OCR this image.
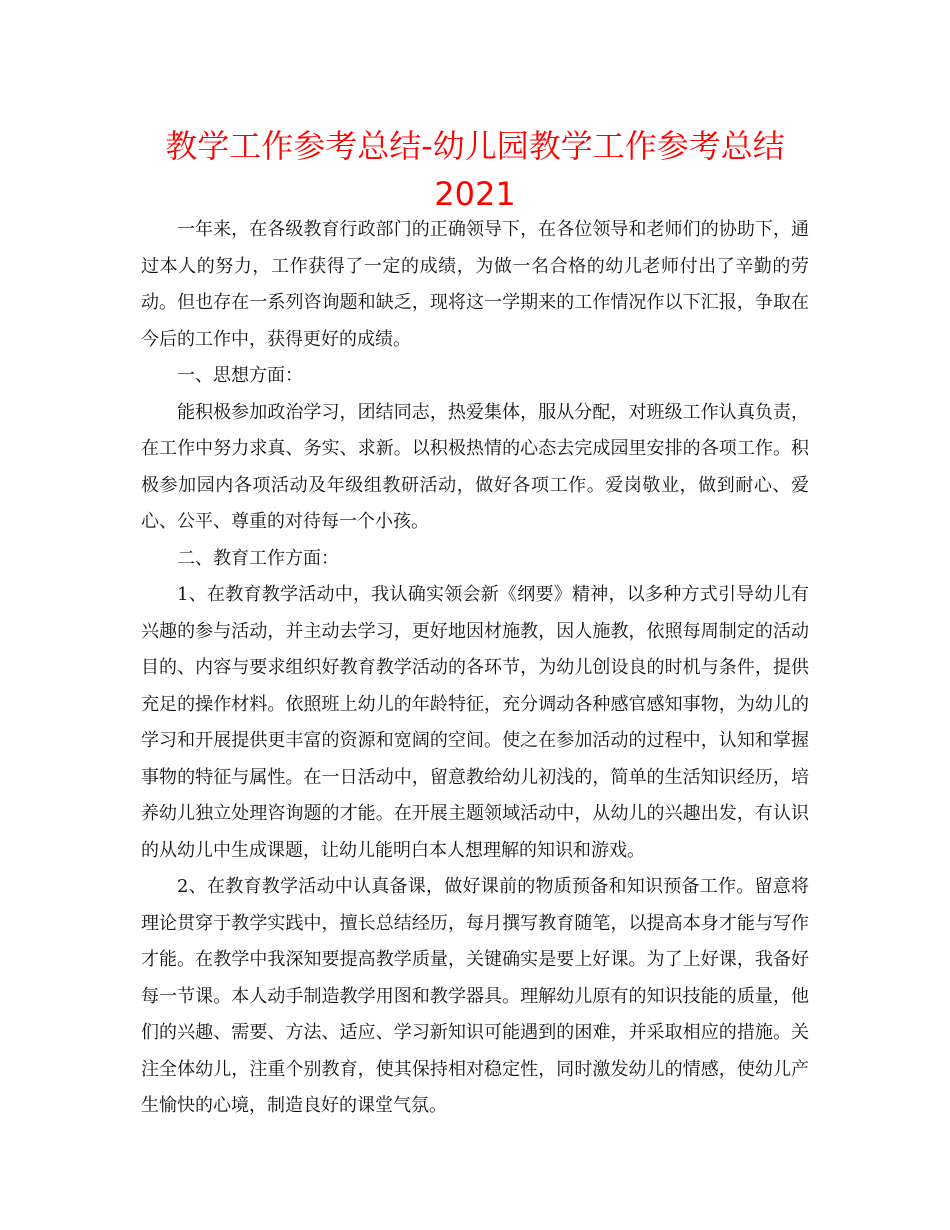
教学工作参考总结-幼儿园教学工作参考总结
2021

一年来，在各级教育行政部门的正确领导下，在各位领导和老师们的协助下，通过本人的努力，工作获得了一定的成绩，为做一名合格的幼儿老师付出了辛勤的劳动。但也存在一系列咨询题和缺乏，现将这一学期来的工作情况作以下汇报，争取在今后的工作中，获得更好的成绩。

一、思想方面：

能积极参加政治学习，团结同志，热爱集体，服从分配，对班级工作认真负责，在工作中努力求真、务实、求新。以积极热情的心态去完成园里安排的各项工作。积极参加园内各项活动及年级组教研活动，做好各项工作。爱岗敬业，做到耐心、爱心、公平、尊重的对待每一个小孩。

二、教育工作方面：

1、在教育教学活动中，我认确实领会新《纲要》精神，以多种方式引导幼儿有兴趣的参与活动，并主动去学习，更好地因材施教，因人施教，依照每周制定的活动目的、内容与要求组织好教育教学活动的各环节，为幼儿创设良的时机与条件，提供充足的操作材料。依照班上幼儿的年龄特征，充分调动各种感官感知事物，为幼儿的学习和开展提供更丰富的资源和宽阔的空间。使之在参加活动的过程中，认知和掌握事物的特征与属性。在一日活动中，留意教给幼儿初浅的，简单的生活知识经历，培养幼儿独立处理咨询题的才能。在开展主题领域活动中，从幼儿的兴趣出发，有认识的从幼儿中生成课题，让幼儿能明白本人想理解的知识和游戏。

2、在教育教学活动中认真备课，做好课前的物质预备和知识预备工作。留意将理论贯穿于教学实践中，擅长总结经历，每月撰写教育随笔，以提高本身才能与写作才能。在教学中我深知要提高教学质量，关键确实是要上好课。为了上好课，我备好每一节课。本人动手制造教学用图和教学器具。理解幼儿原有的知识技能的质量，他们的兴趣、需要、方法、适应、学习新知识可能遇到的困难，并采取相应的措施。关注全体幼儿，注重个别教育，使其保持相对稳定性，同时激发幼儿的情感，使幼儿产生愉快的心境，制造良好的课堂气氛。
